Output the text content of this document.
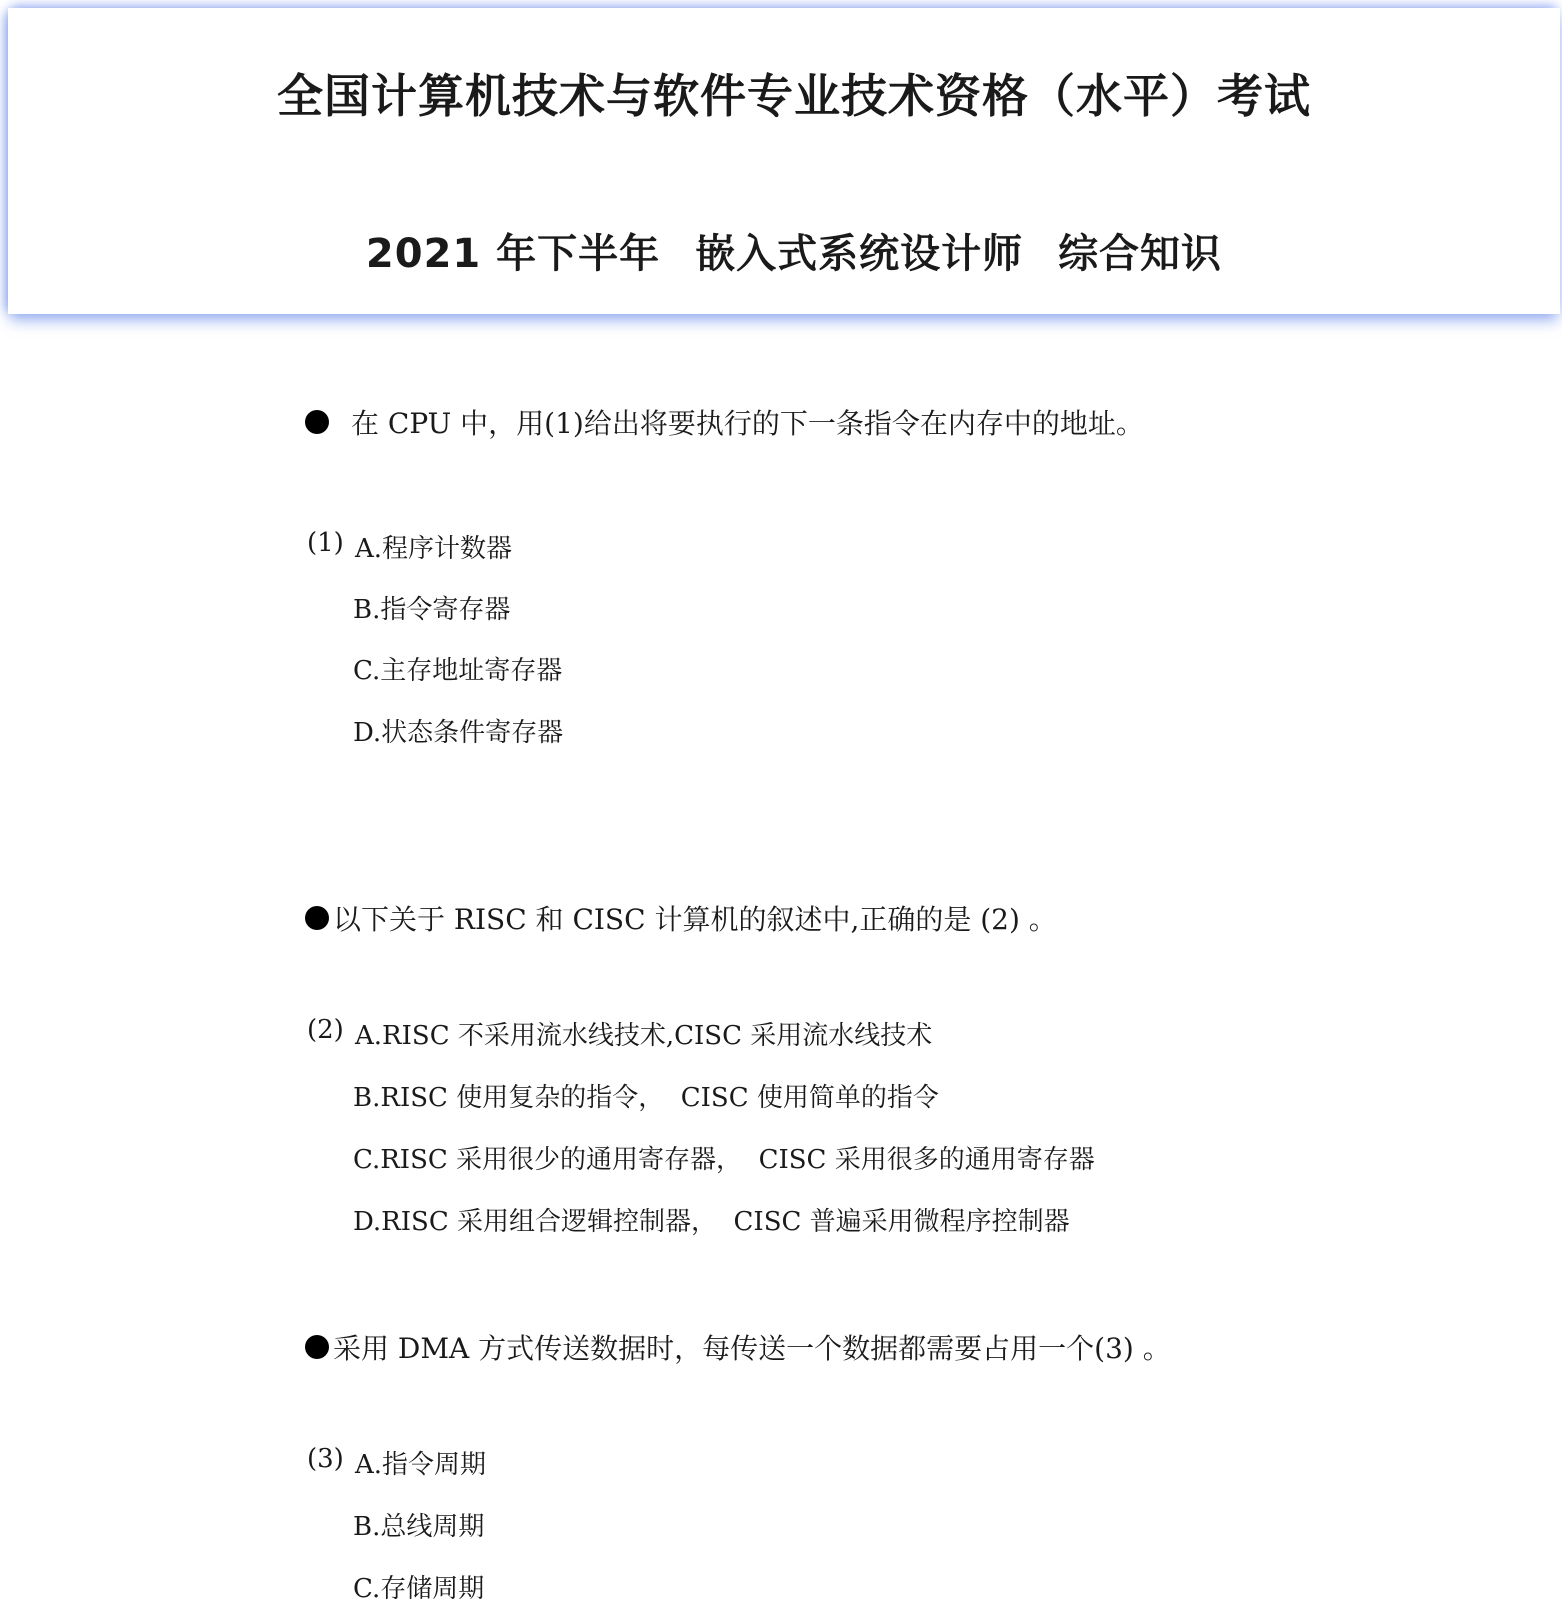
全国计算机技术与软件专业技术资格（水平）考试
2021 年下半年 嵌入式系统设计师 综合知识
在 CPU 中，用(1)给出将要执行的下一条指令在内存中的地址。
(1) A.程序计数器
B.指令寄存器
C.主存地址寄存器
D.状态条件寄存器
以下关于 RISC 和 CISC 计算机的叙述中,正确的是 (2) 。
(2) A.RISC 不采用流水线技术,CISC 采用流水线技术
B.RISC 使用复杂的指令，  CISC 使用简单的指令
C.RISC 采用很少的通用寄存器，  CISC 采用很多的通用寄存器
D.RISC 采用组合逻辑控制器，  CISC 普遍采用微程序控制器
采用 DMA 方式传送数据时，每传送一个数据都需要占用一个(3) 。
(3) A.指令周期
B.总线周期
C.存储周期
